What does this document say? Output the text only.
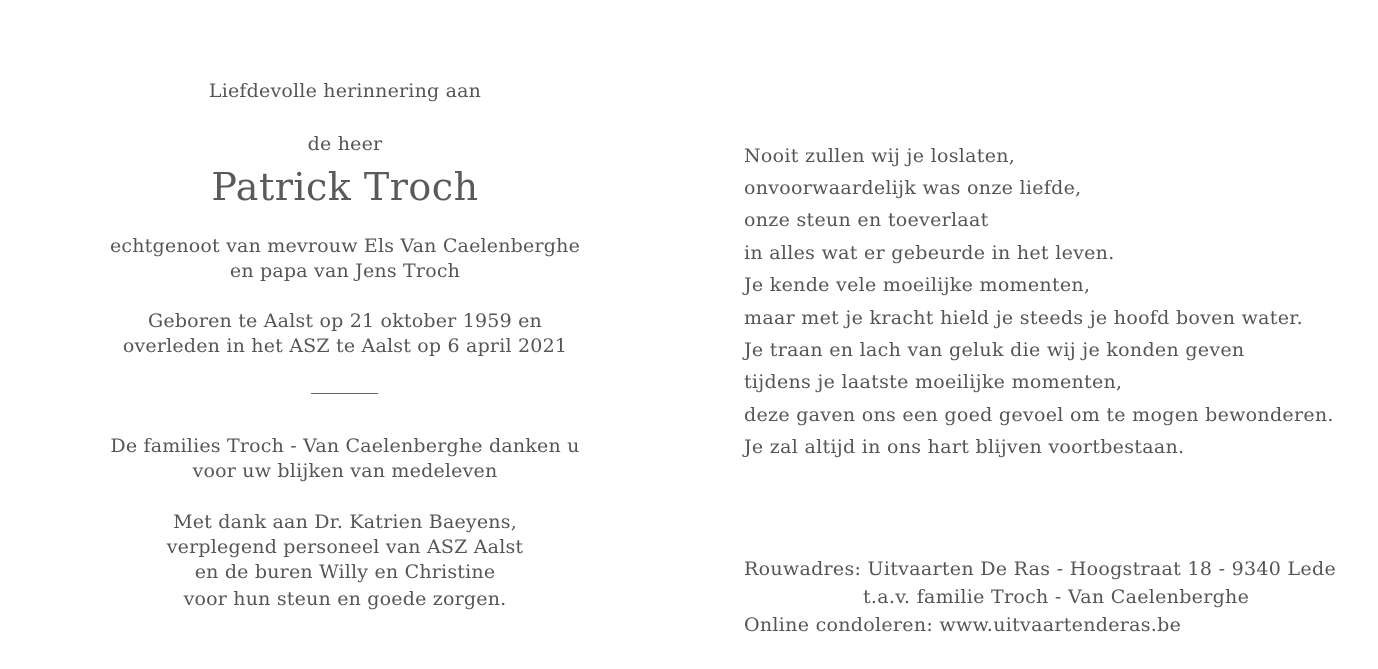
Liefdevolle herinnering aan
de heer
Patrick Troch
echtgenoot van mevrouw Els Van Caelenberghe
en papa van Jens Troch
Geboren te Aalst op 21 oktober 1959 en
overleden in het ASZ te Aalst op 6 april 2021
De families Troch - Van Caelenberghe danken u
voor uw blijken van medeleven
Met dank aan Dr. Katrien Baeyens,
verplegend personeel van ASZ Aalst
en de buren Willy en Christine
voor hun steun en goede zorgen.
Nooit zullen wij je loslaten,
onvoorwaardelijk was onze liefde,
onze steun en toeverlaat
in alles wat er gebeurde in het leven.
Je kende vele moeilijke momenten,
maar met je kracht hield je steeds je hoofd boven water.
Je traan en lach van geluk die wij je konden geven
tijdens je laatste moeilijke momenten,
deze gaven ons een goed gevoel om te mogen bewonderen.
Je zal altijd in ons hart blijven voortbestaan.
Rouwadres: Uitvaarten De Ras - Hoogstraat 18 - 9340 Lede
t.a.v. familie Troch - Van Caelenberghe
Online condoleren: www.uitvaartenderas.be
